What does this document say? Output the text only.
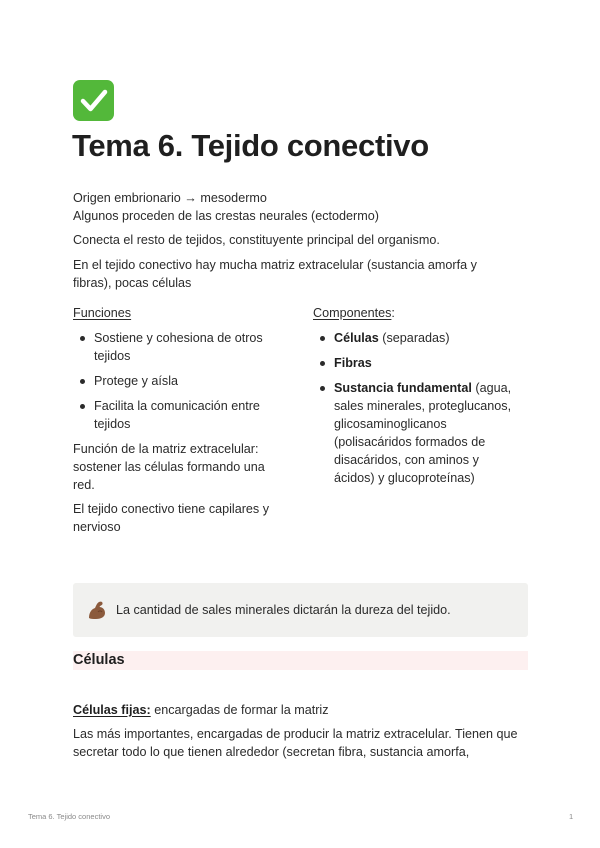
Tema 6. Tejido conectivo
Origen embrionario → mesodermo
Algunos proceden de las crestas neurales (ectodermo)
Conecta el resto de tejidos, constituyente principal del organismo.
En el tejido conectivo hay mucha matriz extracelular (sustancia amorfa y
fibras), pocas células
Funciones
Sostiene y cohesiona de otros
tejidos
Protege y aísla
Facilita la comunicación entre
tejidos
Función de la matriz extracelular:
sostener las células formando una
red.
El tejido conectivo tiene capilares y
nervioso
Componentes:
Células (separadas)
Fibras
Sustancia fundamental (agua,
sales minerales, proteglucanos,
glicosaminoglicanos
(polisacáridos formados de
disacáridos, con aminos y
ácidos) y glucoproteínas)
La cantidad de sales minerales dictarán la dureza del tejido.
Células
Células fijas: encargadas de formar la matriz
Las más importantes, encargadas de producir la matriz extracelular. Tienen que
secretar todo lo que tienen alrededor (secretan fibra, sustancia amorfa,
Tema 6. Tejido conectivo	1
